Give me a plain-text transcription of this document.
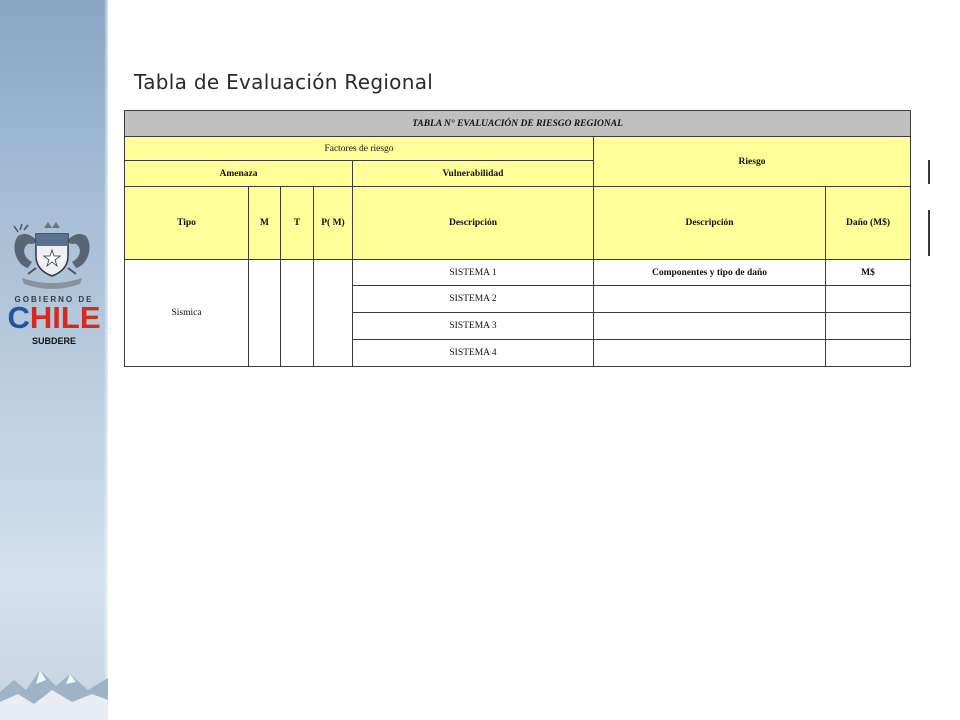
GOBIERNO DE
CHILE
SUBDERE
Tabla de Evaluación Regional
TABLA N° EVALUACIÓN DE RIESGO REGIONAL						
Factores de riesgo					Riesgo	
Amenaza				Vulnerabilidad		
Tipo	M	T	P( M)	Descripción	Descripción	Daño (M$)
Sismica				SISTEMA 1	Componentes y tipo de daño	M$
				SISTEMA 2		
				SISTEMA 3		
				SISTEMA 4		
